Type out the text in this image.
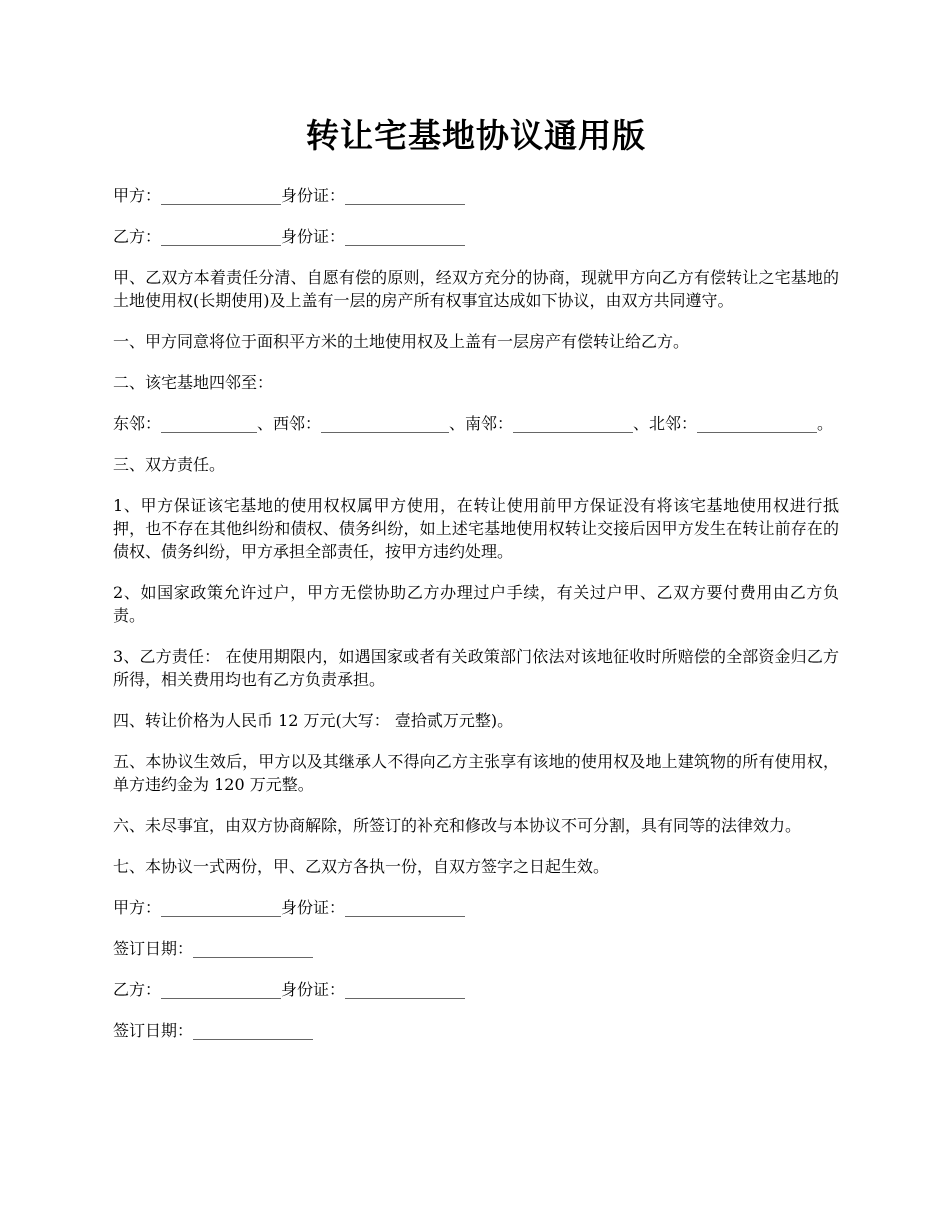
转让宅基地协议通用版

甲方：_______________身份证：_______________

乙方：_______________身份证：_______________

甲、乙双方本着责任分清、自愿有偿的原则，经双方充分的协商，现就甲方向乙方有偿转让之宅基地的土地使用权(长期使用)及上盖有一层的房产所有权事宜达成如下协议，由双方共同遵守。

一、甲方同意将位于面积平方米的土地使用权及上盖有一层房产有偿转让给乙方。

二、该宅基地四邻至：

东邻：____________、西邻：________________、南邻：_______________、北邻：_______________。

三、双方责任。

1、甲方保证该宅基地的使用权权属甲方使用，在转让使用前甲方保证没有将该宅基地使用权进行抵押，也不存在其他纠纷和债权、债务纠纷，如上述宅基地使用权转让交接后因甲方发生在转让前存在的债权、债务纠纷，甲方承担全部责任，按甲方违约处理。

2、如国家政策允许过户，甲方无偿协助乙方办理过户手续，有关过户甲、乙双方要付费用由乙方负责。

3、乙方责任： 在使用期限内，如遇国家或者有关政策部门依法对该地征收时所赔偿的全部资金归乙方所得，相关费用均也有乙方负责承担。

四、转让价格为人民币 12 万元(大写： 壹拾贰万元整)。

五、本协议生效后，甲方以及其继承人不得向乙方主张享有该地的使用权及地上建筑物的所有使用权，单方违约金为 120 万元整。

六、未尽事宜，由双方协商解除，所签订的补充和修改与本协议不可分割，具有同等的法律效力。

七、本协议一式两份，甲、乙双方各执一份，自双方签字之日起生效。

甲方：_______________身份证：_______________

签订日期：_______________

乙方：_______________身份证：_______________

签订日期：_______________
